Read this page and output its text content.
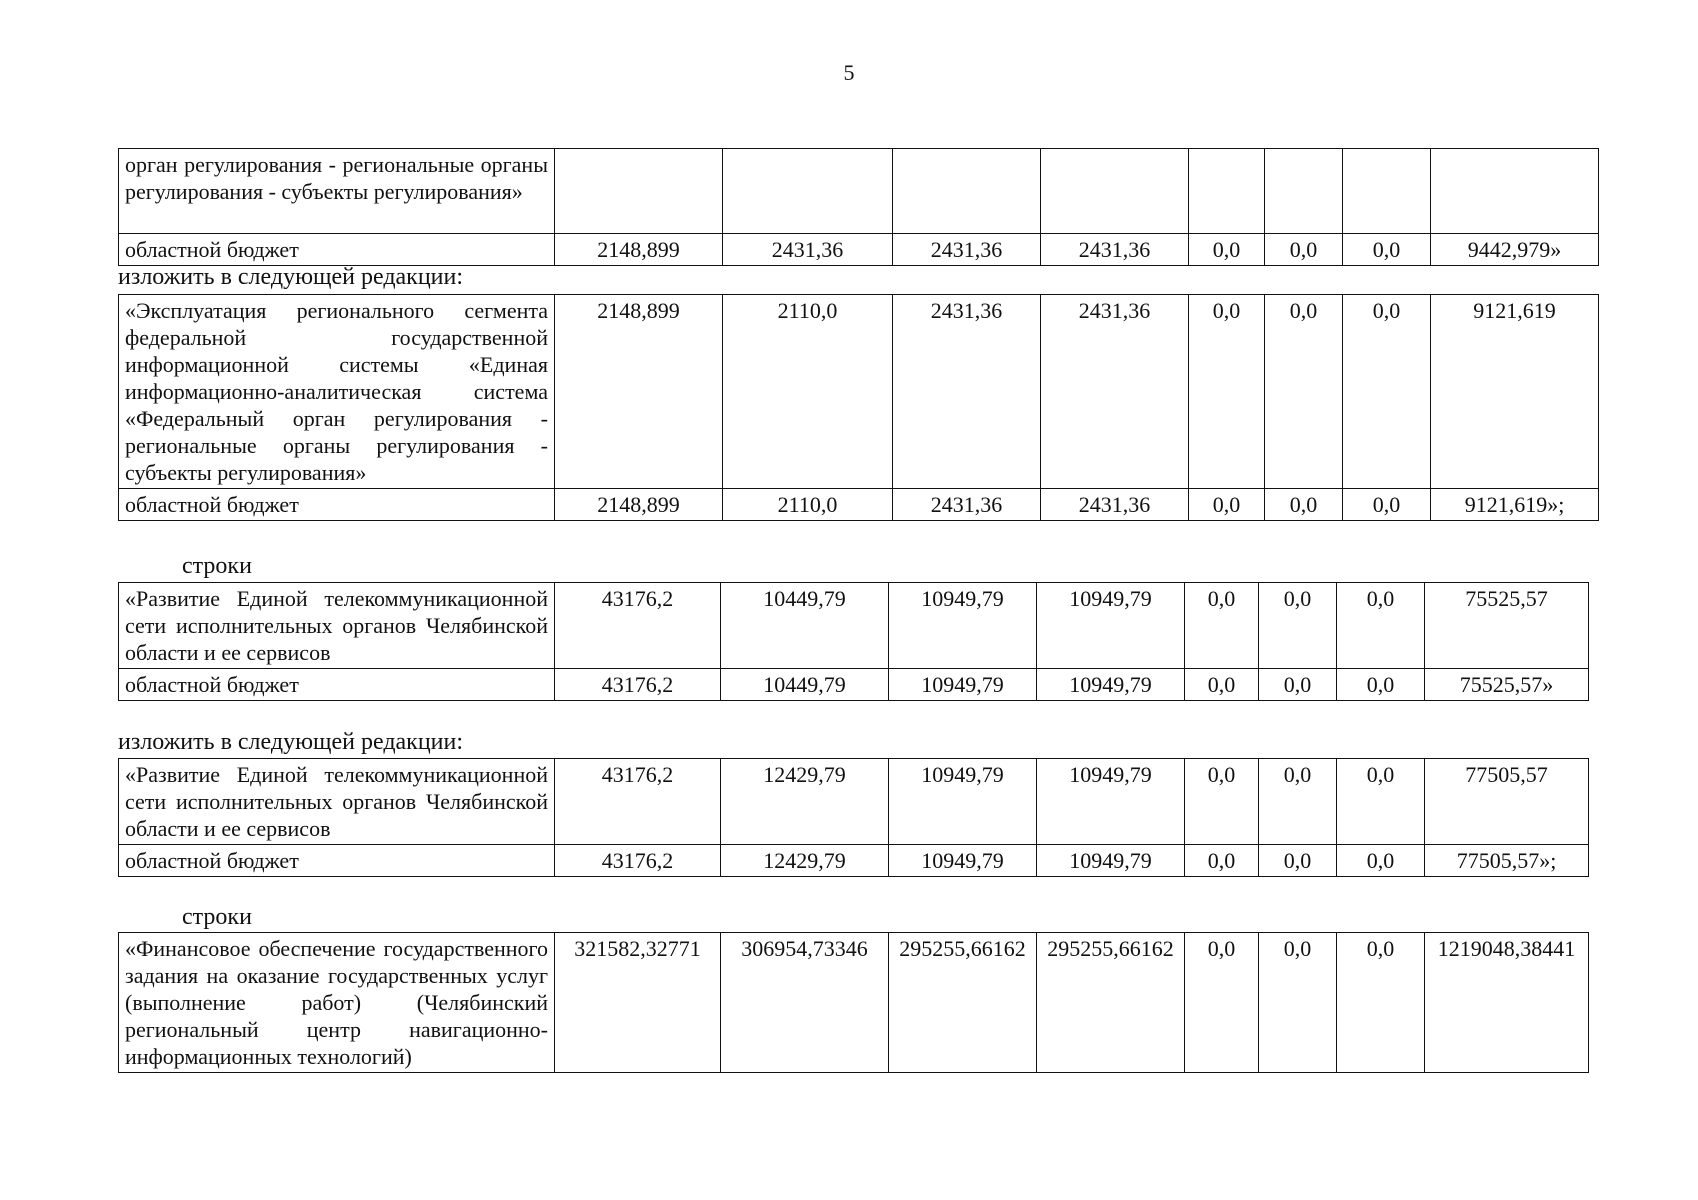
5
орган регулирования - региональные органы регулирования - субъекты регулирования»								
областной бюджет	2148,899	2431,36	2431,36	2431,36	0,0	0,0	0,0	9442,979»
изложить в следующей редакции:
«Эксплуатация регионального сегмента федеральной государственной информационной системы «Единая информационно-аналитическая система «Федеральный орган регулирования - региональные органы регулирования - субъекты регулирования»	2148,899	2110,0	2431,36	2431,36	0,0	0,0	0,0	9121,619
областной бюджет	2148,899	2110,0	2431,36	2431,36	0,0	0,0	0,0	9121,619»;
строки
«Развитие Единой телекоммуникационной сети исполнительных органов Челябинской области и ее сервисов	43176,2	10449,79	10949,79	10949,79	0,0	0,0	0,0	75525,57
областной бюджет	43176,2	10449,79	10949,79	10949,79	0,0	0,0	0,0	75525,57»
изложить в следующей редакции:
«Развитие Единой телекоммуникационной сети исполнительных органов Челябинской области и ее сервисов	43176,2	12429,79	10949,79	10949,79	0,0	0,0	0,0	77505,57
областной бюджет	43176,2	12429,79	10949,79	10949,79	0,0	0,0	0,0	77505,57»;
строки
«Финансовое обеспечение государственного задания на оказание государственных услуг (выполнение работ) (Челябинский региональный центр навигационно-информационных технологий)	321582,32771	306954,73346	295255,66162	295255,66162	0,0	0,0	0,0	1219048,38441
